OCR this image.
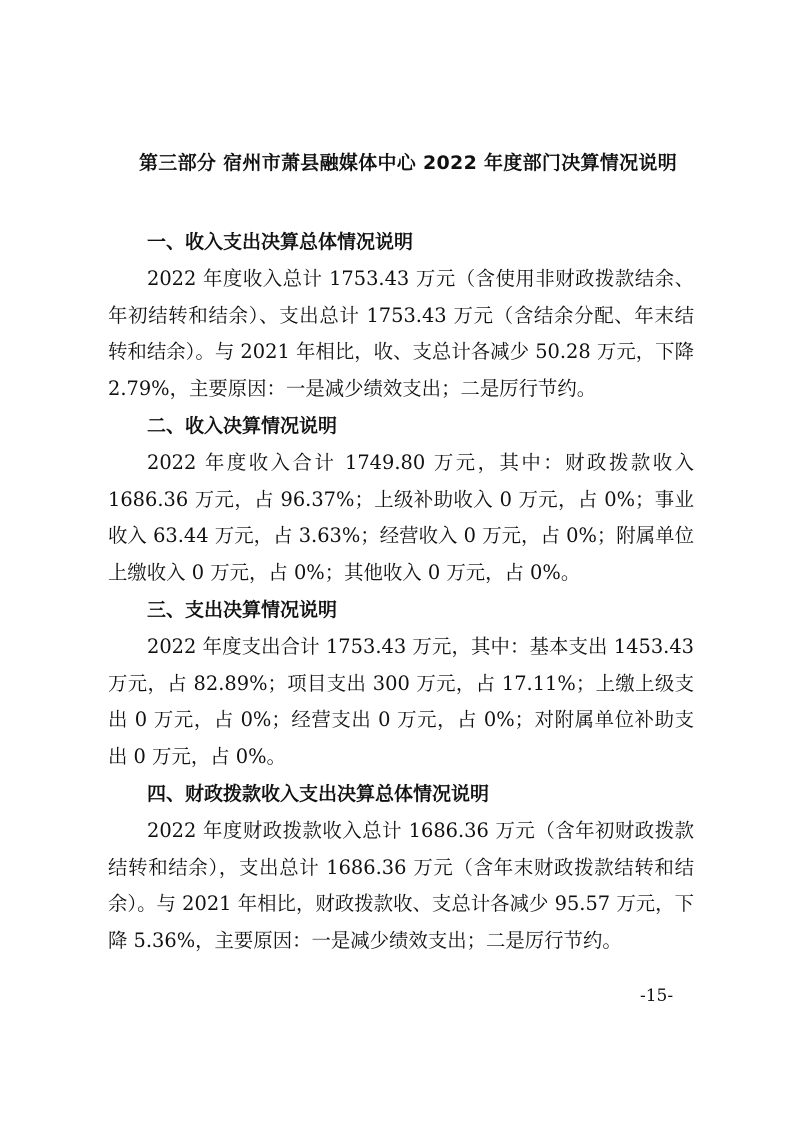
第三部分 宿州市萧县融媒体中心 2022 年度部门决算情况说明

一、收入支出决算总体情况说明

2022 年度收入总计 1753.43 万元（含使用非财政拨款结余、年初结转和结余）、支出总计 1753.43 万元（含结余分配、年末结转和结余）。与 2021 年相比，收、支总计各减少 50.28 万元，下降 2.79%，主要原因：一是减少绩效支出；二是厉行节约。

二、收入决算情况说明

2022 年度收入合计 1749.80 万元，其中：财政拨款收入 1686.36 万元，占 96.37%；上级补助收入 0 万元，占 0%；事业收入 63.44 万元，占 3.63%；经营收入 0 万元，占 0%；附属单位上缴收入 0 万元，占 0%；其他收入 0 万元，占 0%。

三、支出决算情况说明

2022 年度支出合计 1753.43 万元，其中：基本支出 1453.43 万元，占 82.89%；项目支出 300 万元，占 17.11%；上缴上级支出 0 万元，占 0%；经营支出 0 万元，占 0%；对附属单位补助支出 0 万元，占 0%。

四、财政拨款收入支出决算总体情况说明

2022 年度财政拨款收入总计 1686.36 万元（含年初财政拨款结转和结余），支出总计 1686.36 万元（含年末财政拨款结转和结余）。与 2021 年相比，财政拨款收、支总计各减少 95.57 万元，下降 5.36%，主要原因：一是减少绩效支出；二是厉行节约。

-15-
